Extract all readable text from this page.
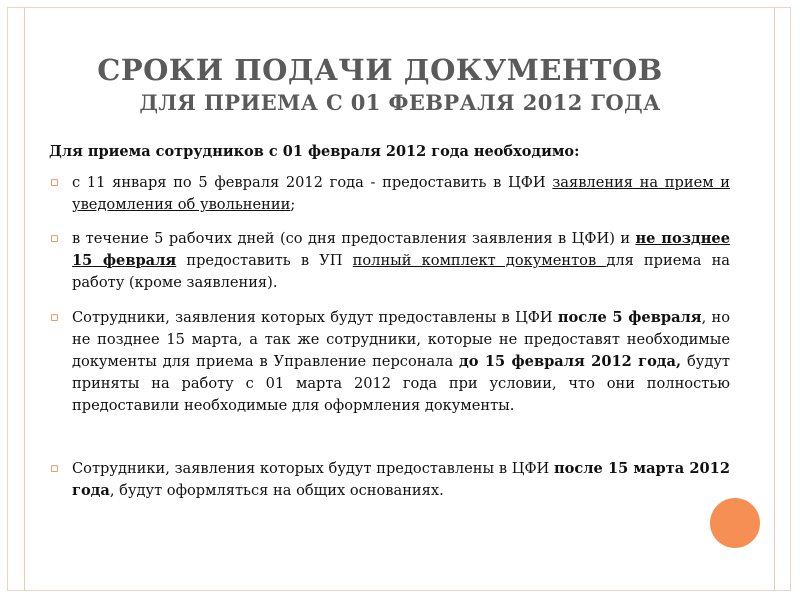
СРОКИ ПОДАЧИ ДОКУМЕНТОВ
ДЛЯ ПРИЕМА С 01 ФЕВРАЛЯ 2012 ГОДА
Для приема сотрудников с 01 февраля 2012 года необходимо:
▫ с 11 января по 5 февраля 2012 года - предоставить в ЦФИ заявления на прием и уведомления об увольнении;
▫ в течение 5 рабочих дней (со дня предоставления заявления в ЦФИ) и не позднее 15 февраля предоставить в УП полный комплект документов для приема на работу (кроме заявления).
▫ Сотрудники, заявления которых будут предоставлены в ЦФИ после 5 февраля, но не позднее 15 марта, а так же сотрудники, которые не предоставят необходимые документы для приема в Управление персонала до 15 февраля 2012 года, будут приняты на работу с 01 марта 2012 года при условии, что они полностью предоставили необходимые для оформления документы.
▫ Сотрудники, заявления которых будут предоставлены в ЦФИ после 15 марта 2012 года, будут оформляться на общих основаниях.
